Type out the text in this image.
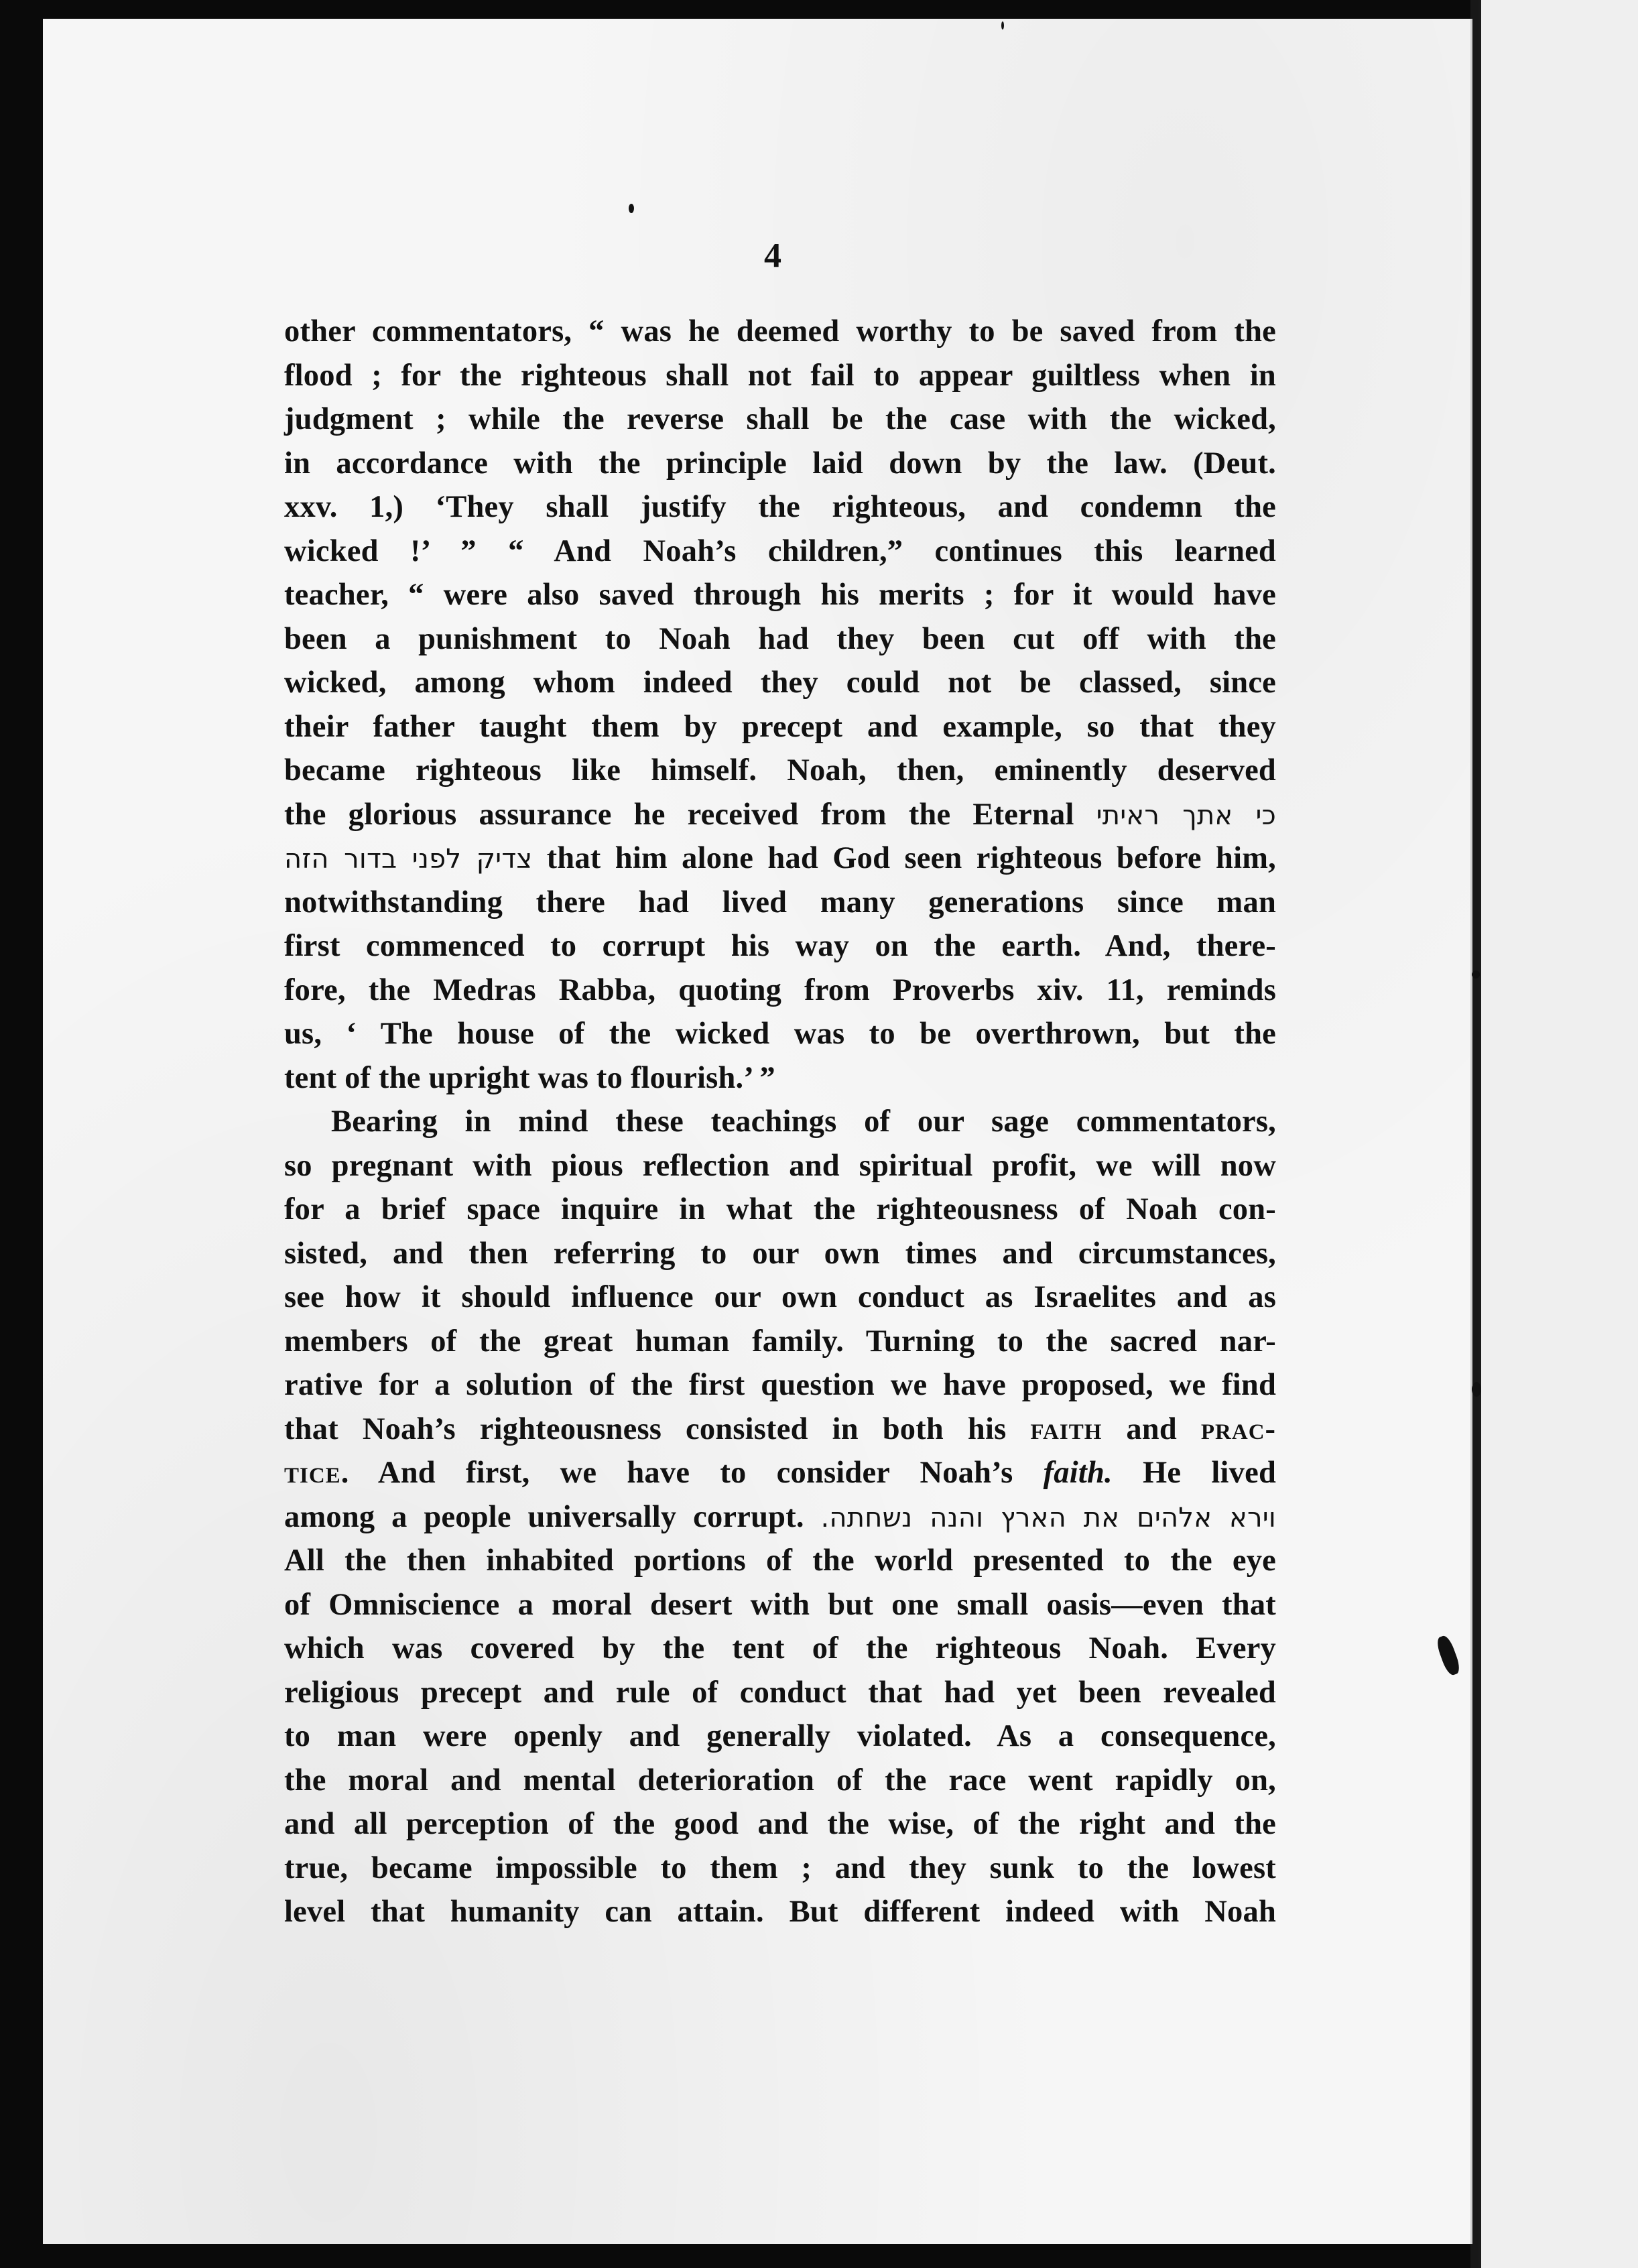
4
other commentators, “ was he deemed worthy to be saved from the
flood ; for the righteous shall not fail to appear guiltless when in
judgment ; while the reverse shall be the case with the wicked,
in accordance with the principle laid down by the law. (Deut.
xxv. 1,) ‘They shall justify the righteous, and condemn the
wicked !’ ” “ And Noah’s children,” continues this learned
teacher, “ were also saved through his merits ; for it would have
been a punishment to Noah had they been cut off with the
wicked, among whom indeed they could not be classed, since
their father taught them by precept and example, so that they
became righteous like himself. Noah, then, eminently deserved
the glorious assurance he received from the Eternal כי אתך ראיתי
צדיק לפני בדור הזה that him alone had God seen righteous before him,
notwithstanding there had lived many generations since man
first commenced to corrupt his way on the earth. And, there-
fore, the Medras Rabba, quoting from Proverbs xiv. 11, reminds
us, ‘ The house of the wicked was to be overthrown, but the
tent of the upright was to flourish.’ ”
Bearing in mind these teachings of our sage commentators,
so pregnant with pious reflection and spiritual profit, we will now
for a brief space inquire in what the righteousness of Noah con-
sisted, and then referring to our own times and circumstances,
see how it should influence our own conduct as Israelites and as
members of the great human family. Turning to the sacred nar-
rative for a solution of the first question we have proposed, we find
that Noah’s righteousness consisted in both his faith and prac-
tice. And first, we have to consider Noah’s faith. He lived
among a people universally corrupt. וירא אלהים את הארץ והנה נשחתה.
All the then inhabited portions of the world presented to the eye
of Omniscience a moral desert with but one small oasis—even that
which was covered by the tent of the righteous Noah. Every
religious precept and rule of conduct that had yet been revealed
to man were openly and generally violated. As a consequence,
the moral and mental deterioration of the race went rapidly on,
and all perception of the good and the wise, of the right and the
true, became impossible to them ; and they sunk to the lowest
level that humanity can attain. But different indeed with Noah
